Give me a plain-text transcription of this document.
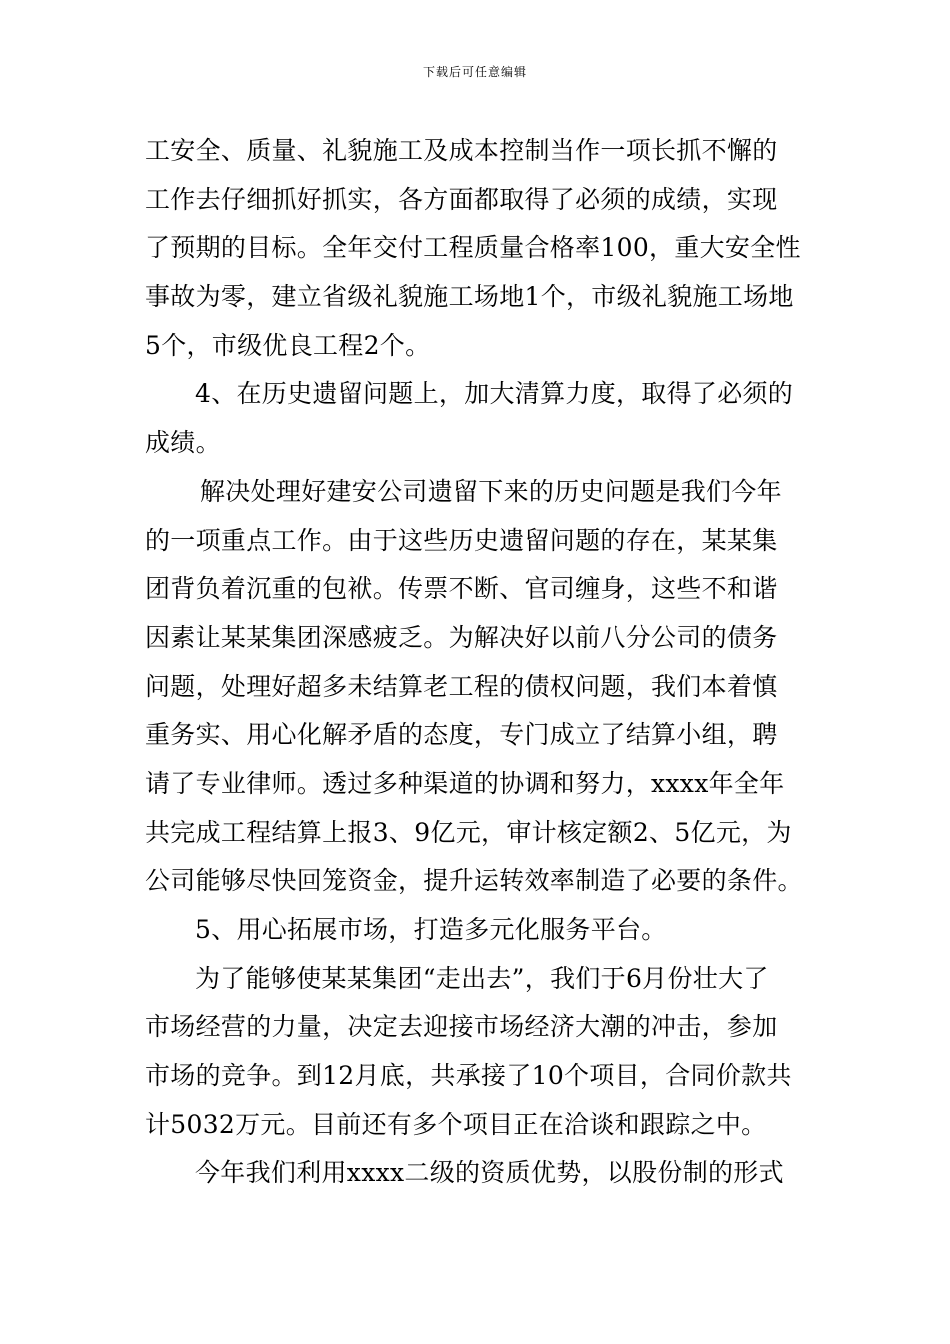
下载后可任意编辑
工安全、质量、礼貌施工及成本控制当作一项长抓不懈的
工作去仔细抓好抓实，各方面都取得了必须的成绩，实现
了预期的目标。全年交付工程质量合格率100，重大安全性
事故为零，建立省级礼貌施工场地1个，市级礼貌施工场地
5个，市级优良工程2个。
4、在历史遗留问题上，加大清算力度，取得了必须的
成绩。
解决处理好建安公司遗留下来的历史问题是我们今年
的一项重点工作。由于这些历史遗留问题的存在，某某集
团背负着沉重的包袱。传票不断、官司缠身，这些不和谐
因素让某某集团深感疲乏。为解决好以前八分公司的债务
问题，处理好超多未结算老工程的债权问题，我们本着慎
重务实、用心化解矛盾的态度，专门成立了结算小组，聘
请了专业律师。透过多种渠道的协调和努力，xxxx年全年
共完成工程结算上报3、9亿元，审计核定额2、5亿元，为
公司能够尽快回笼资金，提升运转效率制造了必要的条件。
5、用心拓展市场，打造多元化服务平台。
为了能够使某某集团“走出去”，我们于6月份壮大了
市场经营的力量，决定去迎接市场经济大潮的冲击，参加
市场的竞争。到12月底，共承接了10个项目，合同价款共
计5032万元。目前还有多个项目正在洽谈和跟踪之中。
今年我们利用xxxx二级的资质优势，以股份制的形式
